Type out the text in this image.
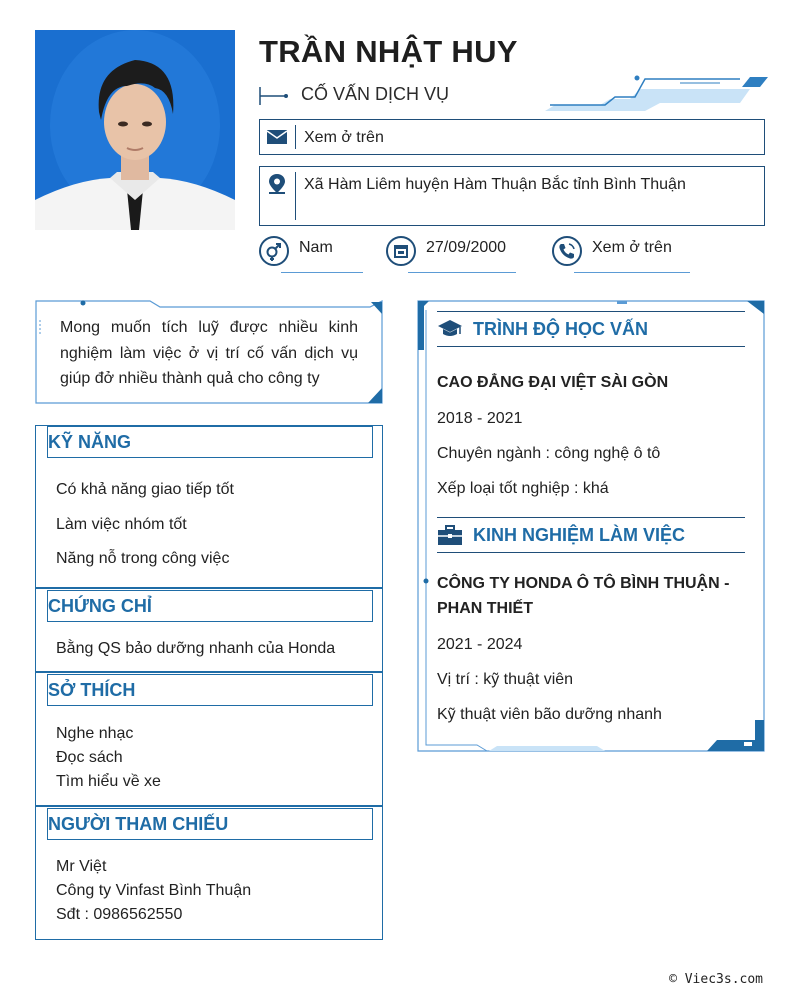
TRẦN NHẬT HUY
CỐ VẤN DỊCH VỤ
Xem ở trên
Xã Hàm Liêm huyện Hàm Thuận Bắc tỉnh Bình Thuận
Nam	27/09/2000	Xem ở trên
Mong muốn tích luỹ được nhiều kinh nghiệm làm việc ở vị trí cố vấn dịch vụ giúp đở nhiều thành quả cho công ty
KỸ NĂNG
Có khả năng giao tiếp tốt
Làm việc nhóm tốt
Năng nỗ trong công việc
CHỨNG CHỈ
Bằng QS bảo dưỡng nhanh của Honda
SỞ THÍCH
Nghe nhạc
Đọc sách
Tìm hiểu về xe
NGƯỜI THAM CHIẾU
Mr Việt
Công ty Vinfast Bình Thuận
Sđt : 0986562550
TRÌNH ĐỘ HỌC VẤN
CAO ĐẲNG ĐẠI VIỆT SÀI GÒN
2018 - 2021
Chuyên ngành : công nghệ ô tô
Xếp loại tốt nghiệp : khá
KINH NGHIỆM LÀM VIỆC
CÔNG TY HONDA Ô TÔ BÌNH THUẬN -
PHAN THIẾT
2021 - 2024
Vị trí : kỹ thuật viên
Kỹ thuật viên bão dưỡng nhanh
© Viec3s.com
